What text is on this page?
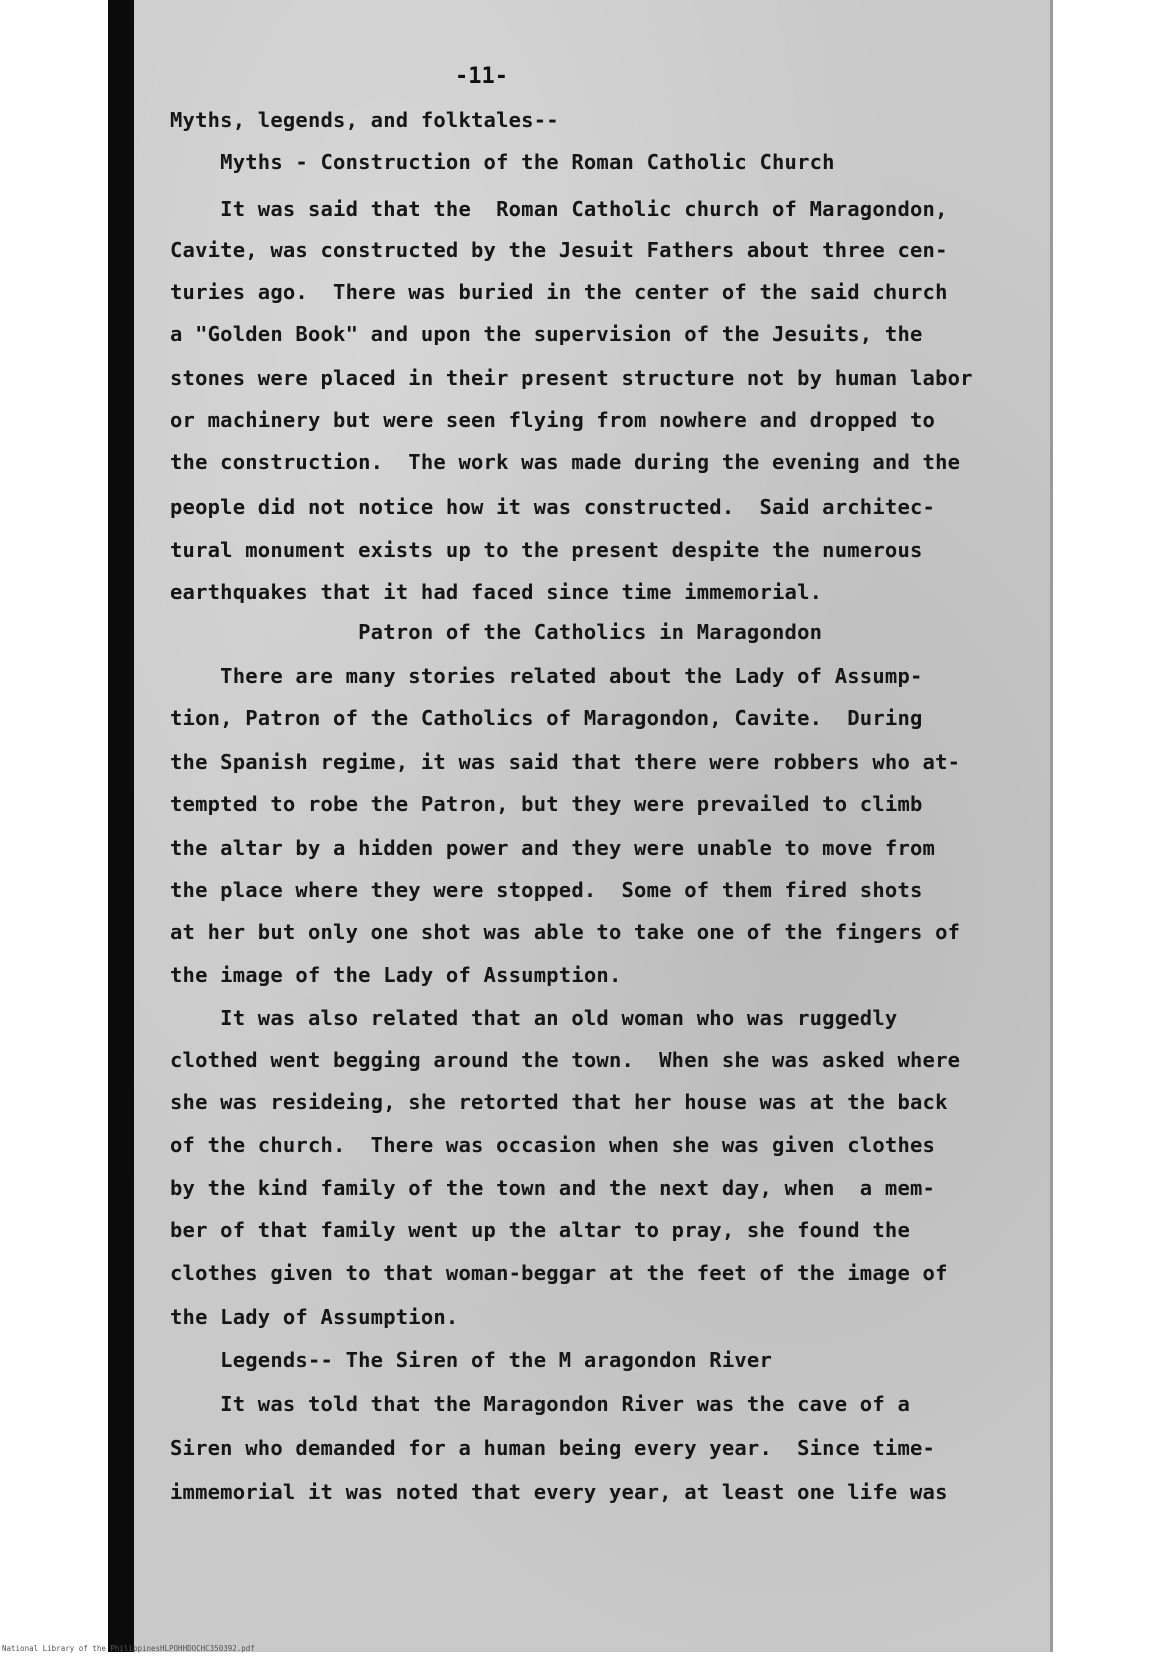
-11-
Myths, legends, and folktales--
Myths - Construction of the Roman Catholic Church
It was said that the  Roman Catholic church of Maragondon,
Cavite, was constructed by the Jesuit Fathers about three cen-
turies ago.  There was buried in the center of the said church
a "Golden Book" and upon the supervision of the Jesuits, the
stones were placed in their present structure not by human labor
or machinery but were seen flying from nowhere and dropped to
the construction.  The work was made during the evening and the
people did not notice how it was constructed.  Said architec-
tural monument exists up to the present despite the numerous
earthquakes that it had faced since time immemorial.
Patron of the Catholics in Maragondon
There are many stories related about the Lady of Assump-
tion, Patron of the Catholics of Maragondon, Cavite.  During
the Spanish regime, it was said that there were robbers who at-
tempted to robe the Patron, but they were prevailed to climb
the altar by a hidden power and they were unable to move from
the place where they were stopped.  Some of them fired shots
at her but only one shot was able to take one of the fingers of
the image of the Lady of Assumption.
It was also related that an old woman who was ruggedly
clothed went begging around the town.  When she was asked where
she was resideing, she retorted that her house was at the back
of the church.  There was occasion when she was given clothes
by the kind family of the town and the next day, when  a mem-
ber of that family went up the altar to pray, she found the
clothes given to that woman-beggar at the feet of the image of
the Lady of Assumption.
Legends-- The Siren of the M aragondon River
It was told that the Maragondon River was the cave of a
Siren who demanded for a human being every year.  Since time-
immemorial it was noted that every year, at least one life was
National Library of the Philippines HLPOHHDOCHC350392.pdf
